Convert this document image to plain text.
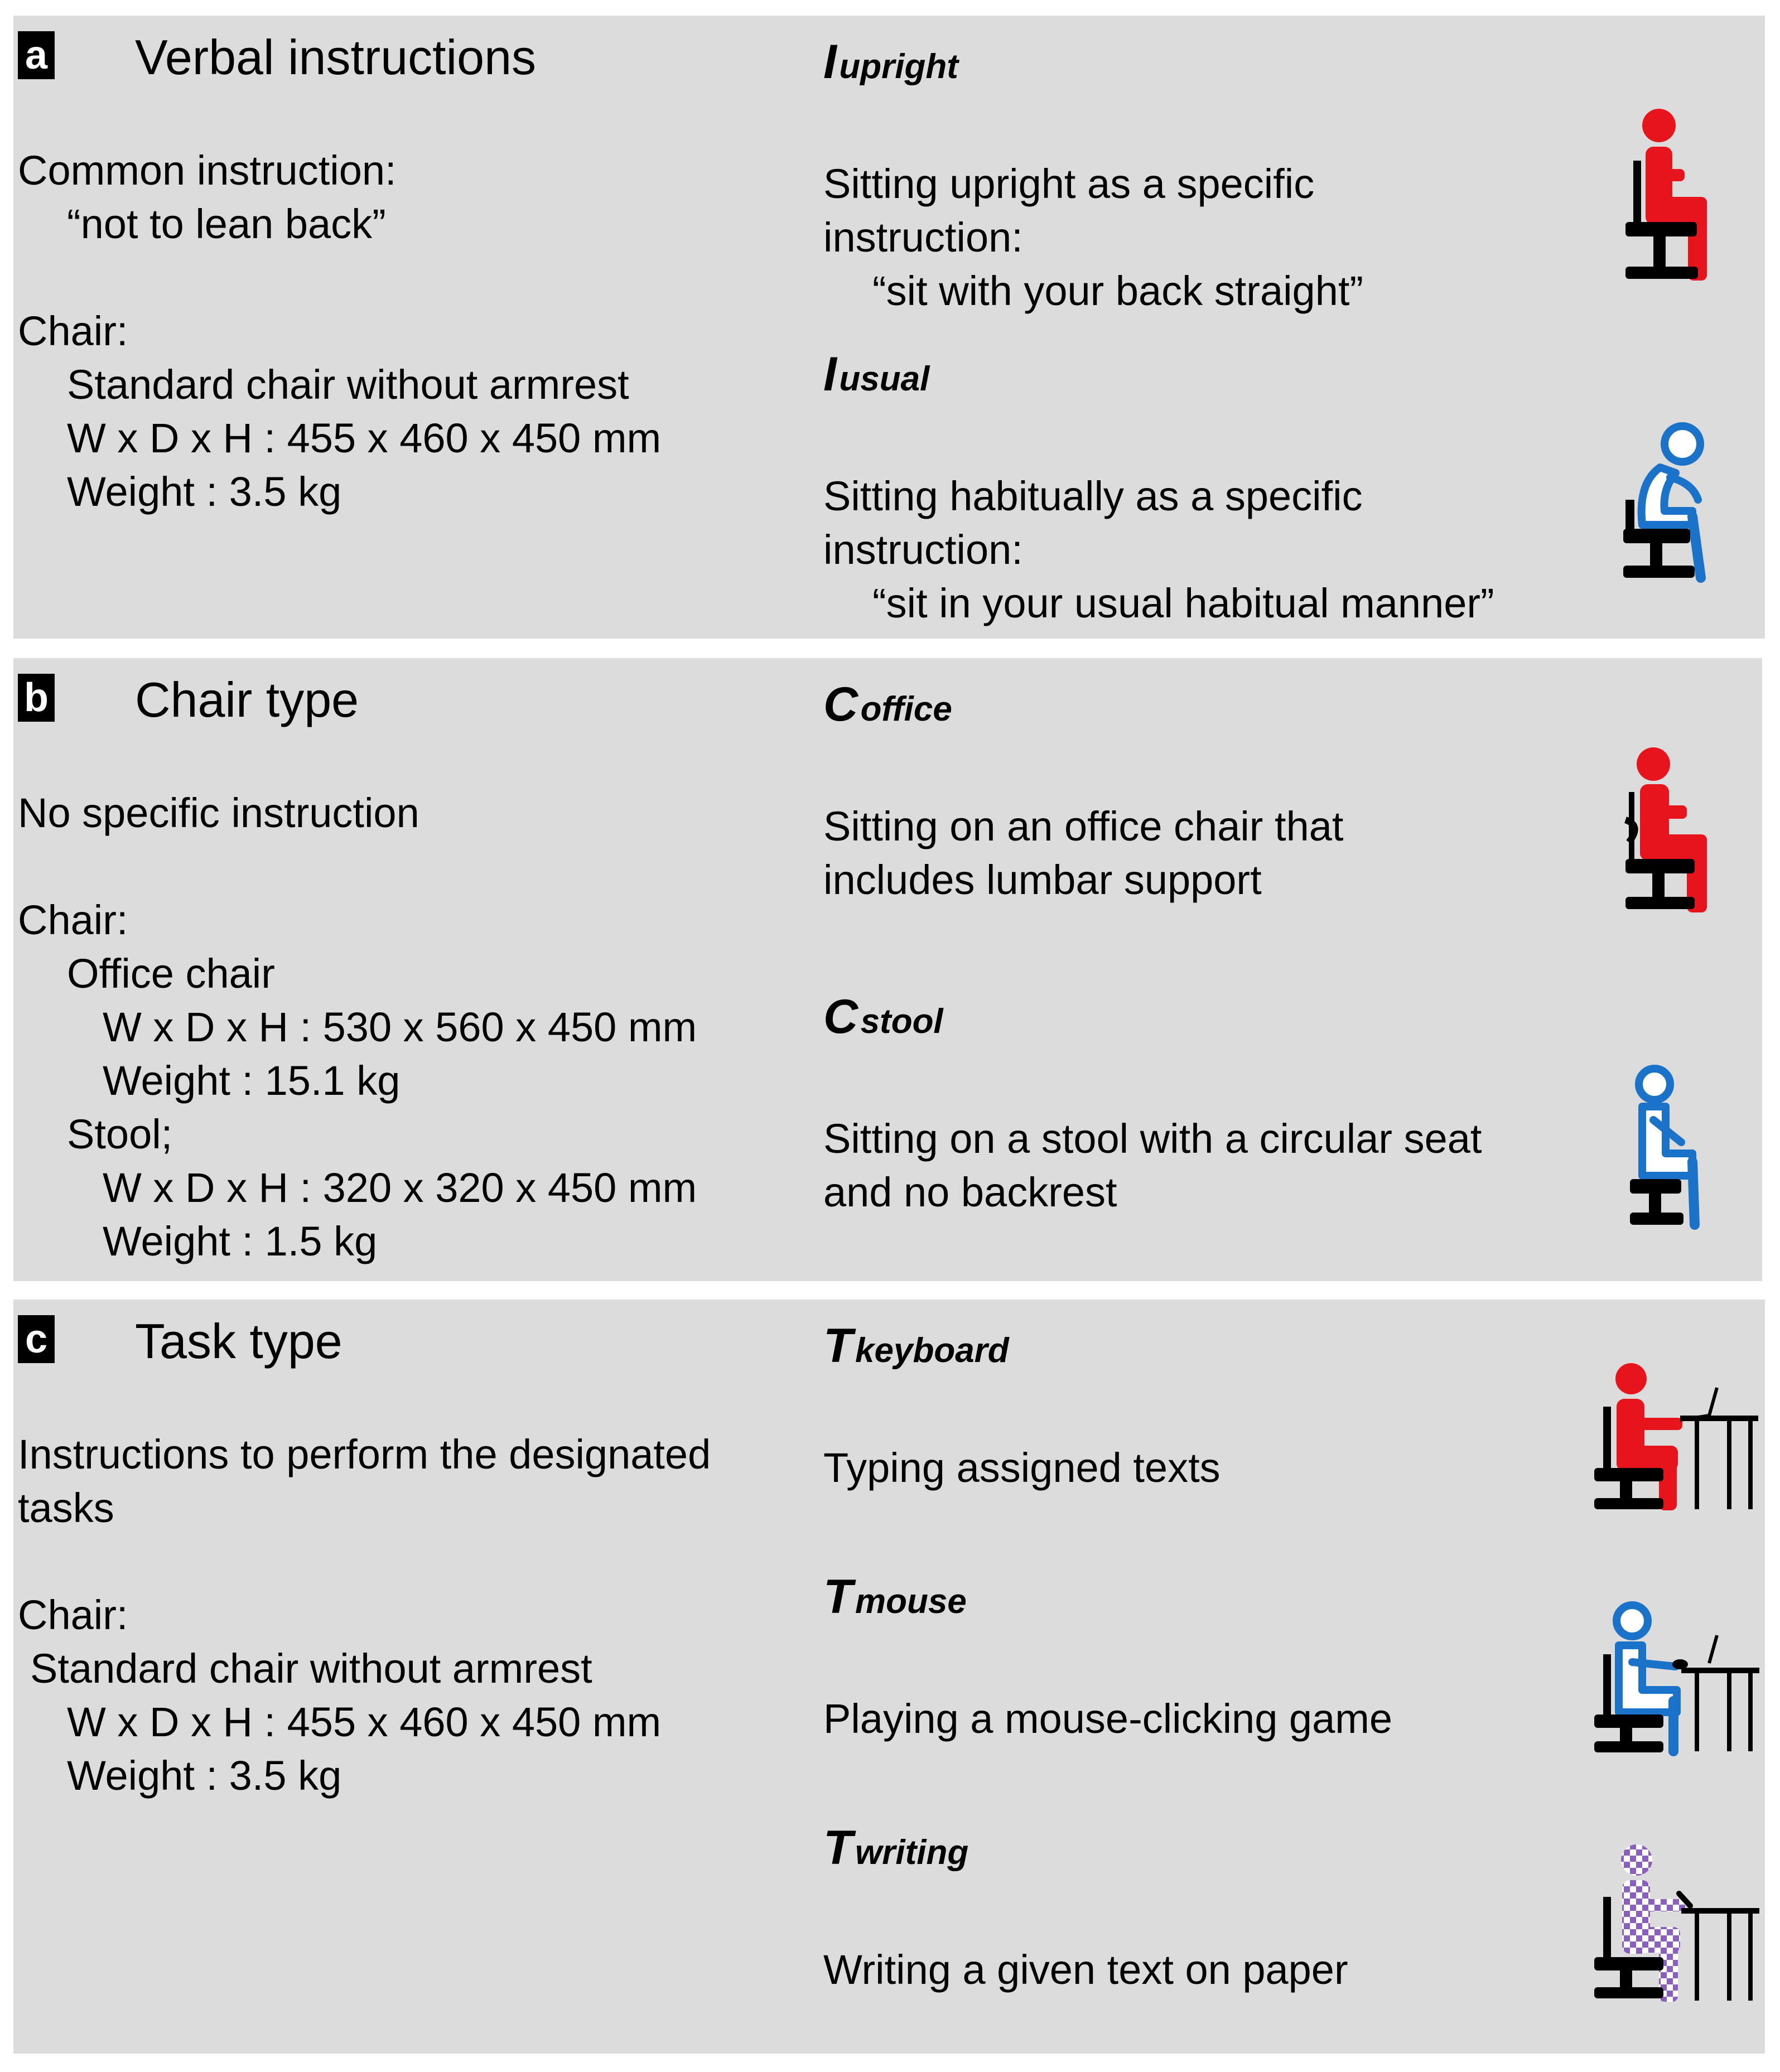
a Verbal instructions
Common instruction:
“not to lean back”
Chair:
Standard chair without armrest
W x D x H : 455 x 460 x 450 mm
Weight : 3.5 kg
I upright
Sitting upright as a specific
instruction:
“sit with your back straight”
I usual
Sitting habitually as a specific
instruction:
“sit in your usual habitual manner”
b Chair type
No specific instruction
Chair:
Office chair
W x D x H : 530 x 560 x 450 mm
Weight : 15.1 kg
Stool;
W x D x H : 320 x 320 x 450 mm
Weight : 1.5 kg
C office
Sitting on an office chair that
includes lumbar support
C stool
Sitting on a stool with a circular seat
and no backrest
c Task type
Instructions to perform the designated
tasks
Chair:
Standard chair without armrest
W x D x H : 455 x 460 x 450 mm
Weight : 3.5 kg
T keyboard
Typing assigned texts
T mouse
Playing a mouse-clicking game
T writing
Writing a given text on paper
